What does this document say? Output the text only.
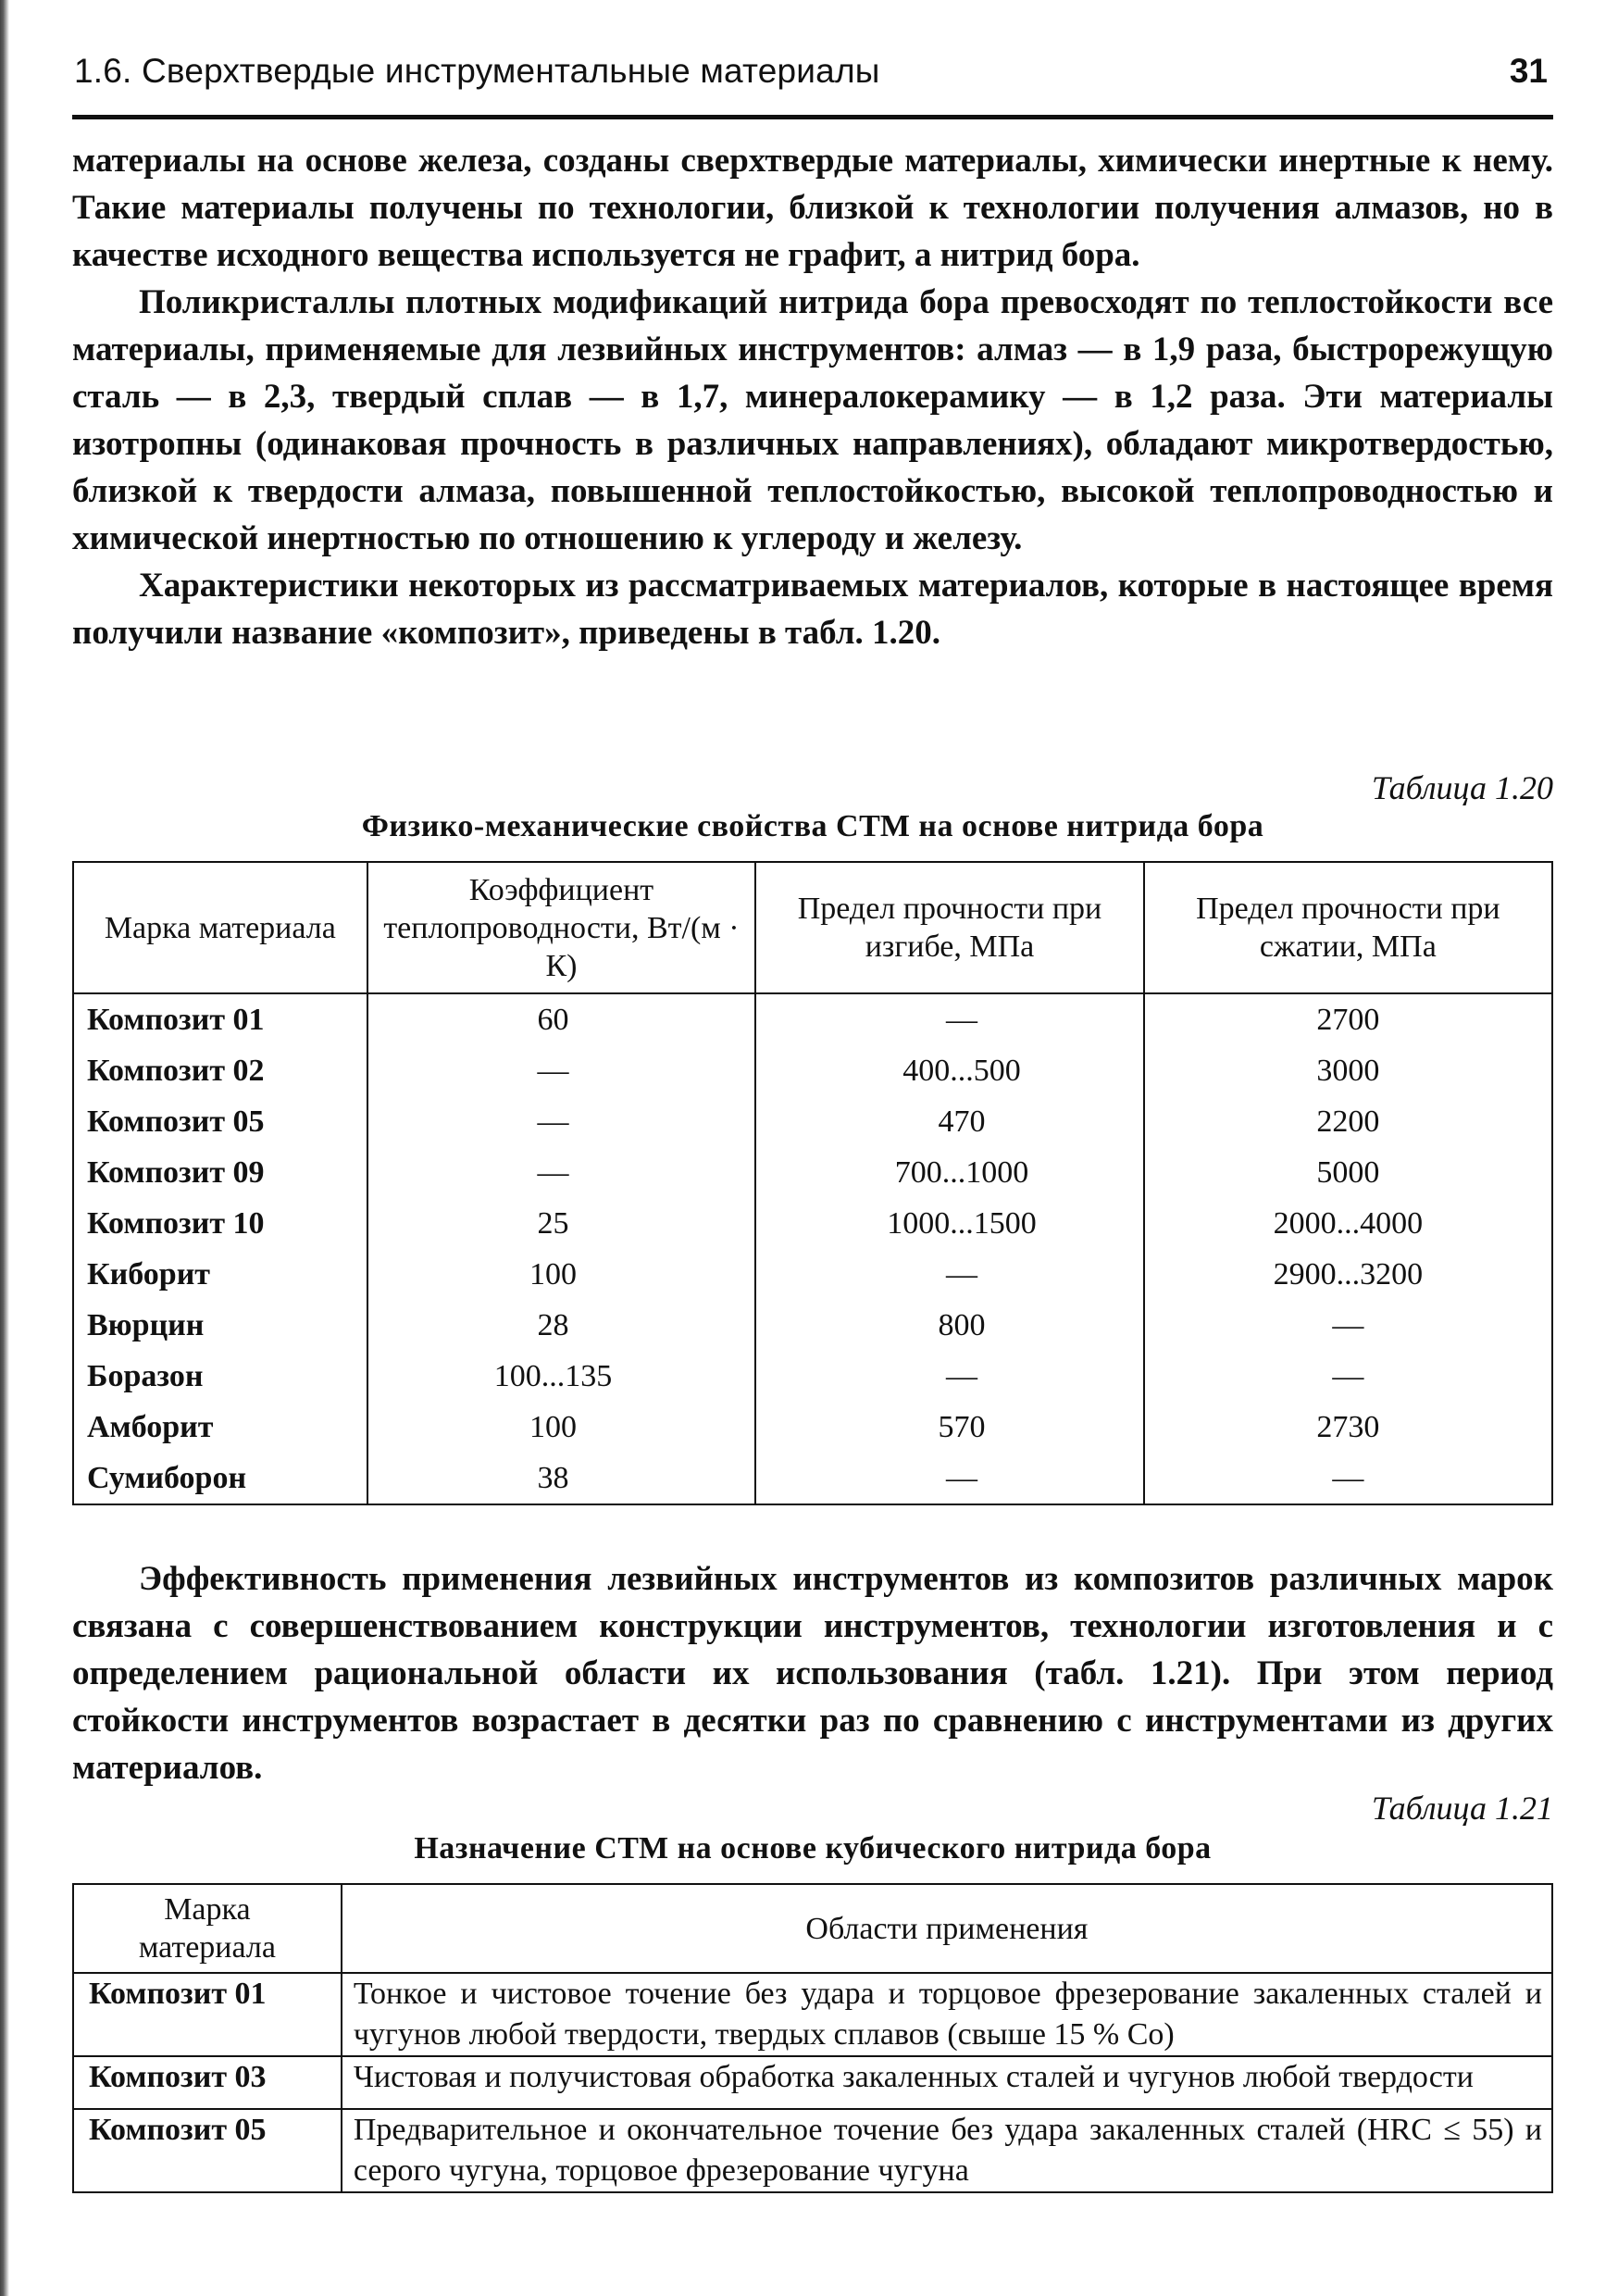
1.6. Сверхтвердые инструментальные материалы	31

материалы на основе железа, созданы сверхтвердые материалы, химически инертные к нему. Такие материалы получены по технологии, близкой к технологии получения алмазов, но в качестве исходного вещества используется не графит, а нитрид бора.

Поликристаллы плотных модификаций нитрида бора превосходят по теплостойкости все материалы, применяемые для лезвийных инструментов: алмаз — в 1,9 раза, быстрорежущую сталь — в 2,3, твердый сплав — в 1,7, минералокерамику — в 1,2 раза. Эти материалы изотропны (одинаковая прочность в различных направлениях), обладают микротвердостью, близкой к твердости алмаза, повышенной теплостойкостью, высокой теплопроводностью и химической инертностью по отношению к углероду и железу.

Характеристики некоторых из рассматриваемых материалов, которые в настоящее время получили название «композит», приведены в табл. 1.20.

Таблица 1.20
Физико-механические свойства СТМ на основе нитрида бора
Марка материала	Коэффициент теплопроводности, Вт/(м · К)	Предел прочности при изгибе, МПа	Предел прочности при сжатии, МПа
Композит 01	60	—	2700
Композит 02	—	400...500	3000
Композит 05	—	470	2200
Композит 09	—	700...1000	5000
Композит 10	25	1000...1500	2000...4000
Киборит	100	—	2900...3200
Вюрцин	28	800	—
Боразон	100...135	—	—
Амборит	100	570	2730
Сумиборон	38	—	—

Эффективность применения лезвийных инструментов из композитов различных марок связана с совершенствованием конструкции инструментов, технологии изготовления и с определением рациональной области их использования (табл. 1.21). При этом период стойкости инструментов возрастает в десятки раз по сравнению с инструментами из других материалов.

Таблица 1.21
Назначение СТМ на основе кубического нитрида бора
Марка материала	Области применения
Композит 01	Тонкое и чистовое точение без удара и торцовое фрезерование закаленных сталей и чугунов любой твердости, твердых сплавов (свыше 15 % Co)
Композит 03	Чистовая и получистовая обработка закаленных сталей и чугунов любой твердости
Композит 05	Предварительное и окончательное точение без удара закаленных сталей (HRC ≤ 55) и серого чугуна, торцовое фрезерование чугуна
